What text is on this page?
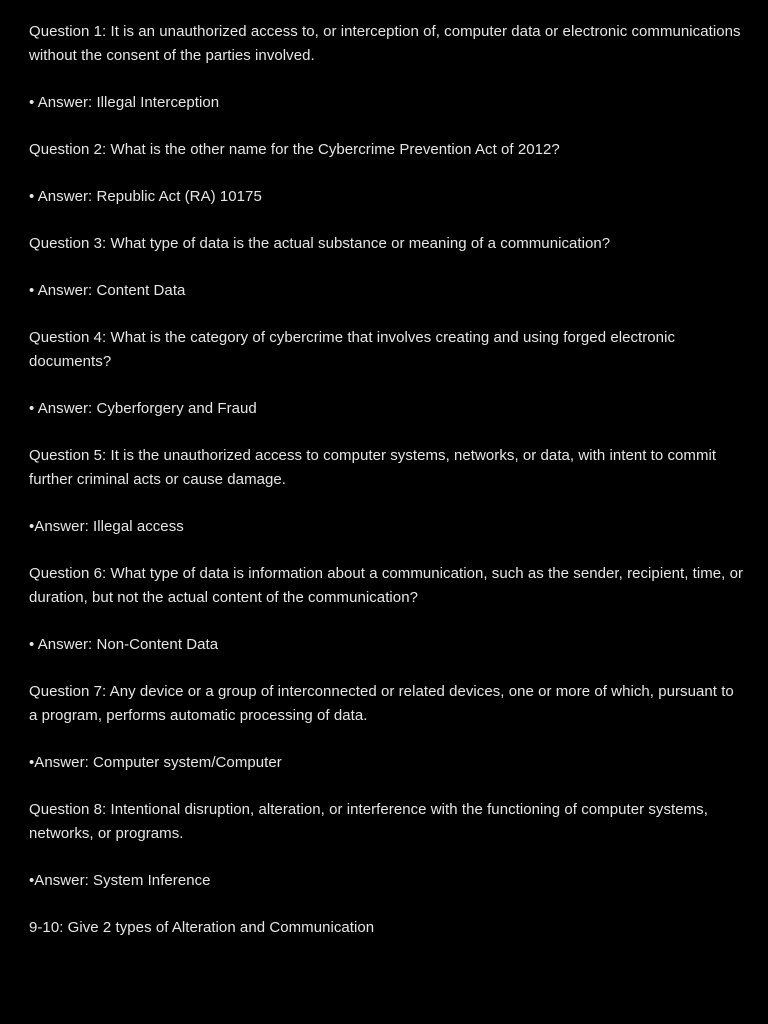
Question 1: It is an unauthorized access to, or interception of, computer data or electronic communications without the consent of the parties involved.

• Answer: Illegal Interception

Question 2: What is the other name for the Cybercrime Prevention Act of 2012?

• Answer: Republic Act (RA) 10175

Question 3: What type of data is the actual substance or meaning of a communication?

• Answer: Content Data

Question 4: What is the category of cybercrime that involves creating and using forged electronic documents?

• Answer: Cyberforgery and Fraud

Question 5: It is the unauthorized access to computer systems, networks, or data, with intent to commit further criminal acts or cause damage.

•Answer: Illegal access

Question 6: What type of data is information about a communication, such as the sender, recipient, time, or duration, but not the actual content of the communication?

• Answer: Non-Content Data

Question 7: Any device or a group of interconnected or related devices, one or more of which, pursuant to a program, performs automatic processing of data.

•Answer: Computer system/Computer

Question 8: Intentional disruption, alteration, or interference with the functioning of computer systems, networks, or programs.

•Answer: System Inference

9-10: Give 2 types of Alteration and Communication
